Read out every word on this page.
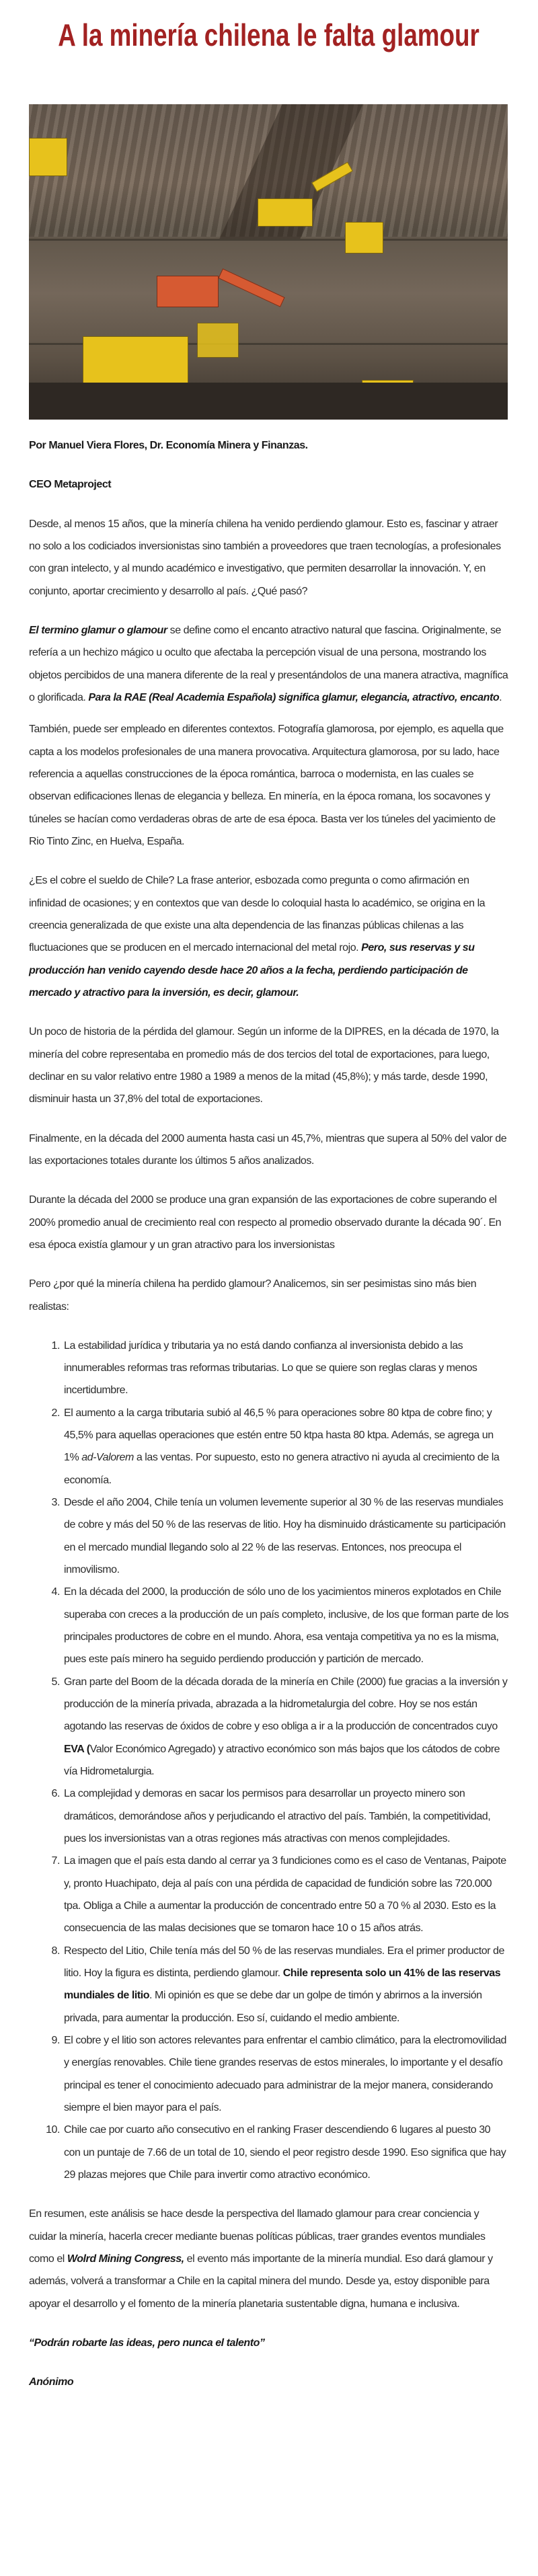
A la minería chilena le falta glamour

Por Manuel Viera Flores, Dr. Economía Minera y Finanzas.

CEO Metaproject

Desde, al menos 15 años, que la minería chilena ha venido perdiendo glamour. Esto es, fascinar y atraer no solo a los codiciados inversionistas sino también a proveedores que traen tecnologías, a profesionales con gran intelecto, y al mundo académico e investigativo, que permiten desarrollar la innovación. Y, en conjunto, aportar crecimiento y desarrollo al país. ¿Qué pasó?

El termino glamur o glamour se define como el encanto atractivo natural que fascina. Originalmente, se refería a un hechizo mágico u oculto que afectaba la percepción visual de una persona, mostrando los objetos percibidos de una manera diferente de la real y presentándolos de una manera atractiva, magnífica o glorificada. Para la RAE (Real Academia Española) significa glamur, elegancia, atractivo, encanto.

También, puede ser empleado en diferentes contextos. Fotografía glamorosa, por ejemplo, es aquella que capta a los modelos profesionales de una manera provocativa. Arquitectura glamorosa, por su lado, hace referencia a aquellas construcciones de la época romántica, barroca o modernista, en las cuales se observan edificaciones llenas de elegancia y belleza. En minería, en la época romana, los socavones y túneles se hacían como verdaderas obras de arte de esa época. Basta ver los túneles del yacimiento de Rio Tinto Zinc, en Huelva, España.

¿Es el cobre el sueldo de Chile? La frase anterior, esbozada como pregunta o como afirmación en infinidad de ocasiones; y en contextos que van desde lo coloquial hasta lo académico, se origina en la creencia generalizada de que existe una alta dependencia de las finanzas públicas chilenas a las fluctuaciones que se producen en el mercado internacional del metal rojo. Pero, sus reservas y su producción han venido cayendo desde hace 20 años a la fecha, perdiendo participación de mercado y atractivo para la inversión, es decir, glamour.

Un poco de historia de la pérdida del glamour. Según un informe de la DIPRES, en la década de 1970, la minería del cobre representaba en promedio más de dos tercios del total de exportaciones, para luego, declinar en su valor relativo entre 1980 a 1989 a menos de la mitad (45,8%); y más tarde, desde 1990, disminuir hasta un 37,8% del total de exportaciones.

Finalmente, en la década del 2000 aumenta hasta casi un 45,7%, mientras que supera al 50% del valor de las exportaciones totales durante los últimos 5 años analizados.

Durante la década del 2000 se produce una gran expansión de las exportaciones de cobre superando el 200% promedio anual de crecimiento real con respecto al promedio observado durante la década 90´. En esa época existía glamour y un gran atractivo para los inversionistas

Pero ¿por qué la minería chilena ha perdido glamour? Analicemos, sin ser pesimistas sino más bien realistas:

1. La estabilidad jurídica y tributaria ya no está dando confianza al inversionista debido a las innumerables reformas tras reformas tributarias. Lo que se quiere son reglas claras y menos incertidumbre.
2. El aumento a la carga tributaria subió al 46,5 % para operaciones sobre 80 ktpa de cobre fino; y 45,5% para aquellas operaciones que estén entre 50 ktpa hasta 80 ktpa. Además, se agrega un 1% ad-Valorem a las ventas. Por supuesto, esto no genera atractivo ni ayuda al crecimiento de la economía.
3. Desde el año 2004, Chile tenía un volumen levemente superior al 30 % de las reservas mundiales de cobre y más del 50 % de las reservas de litio. Hoy ha disminuido drásticamente su participación en el mercado mundial llegando solo al 22 % de las reservas. Entonces, nos preocupa el inmovilismo.
4. En la década del 2000, la producción de sólo uno de los yacimientos mineros explotados en Chile superaba con creces a la producción de un país completo, inclusive, de los que forman parte de los principales productores de cobre en el mundo. Ahora, esa ventaja competitiva ya no es la misma, pues este país minero ha seguido perdiendo producción y partición de mercado.
5. Gran parte del Boom de la década dorada de la minería en Chile (2000) fue gracias a la inversión y producción de la minería privada, abrazada a la hidrometalurgia del cobre. Hoy se nos están agotando las reservas de óxidos de cobre y eso obliga a ir a la producción de concentrados cuyo EVA (Valor Económico Agregado) y atractivo económico son más bajos que los cátodos de cobre vía Hidrometalurgia.
6. La complejidad y demoras en sacar los permisos para desarrollar un proyecto minero son dramáticos, demorándose años y perjudicando el atractivo del país. También, la competitividad, pues los inversionistas van a otras regiones más atractivas con menos complejidades.
7. La imagen que el país esta dando al cerrar ya 3 fundiciones como es el caso de Ventanas, Paipote y, pronto Huachipato, deja al país con una pérdida de capacidad de fundición sobre las 720.000 tpa. Obliga a Chile a aumentar la producción de concentrado entre 50 a 70 % al 2030. Esto es la consecuencia de las malas decisiones que se tomaron hace 10 o 15 años atrás.
8. Respecto del Litio, Chile tenía más del 50 % de las reservas mundiales. Era el primer productor de litio. Hoy la figura es distinta, perdiendo glamour. Chile representa solo un 41% de las reservas mundiales de litio. Mi opinión es que se debe dar un golpe de timón y abrirnos a la inversión privada, para aumentar la producción. Eso sí, cuidando el medio ambiente.
9. El cobre y el litio son actores relevantes para enfrentar el cambio climático, para la electromovilidad y energías renovables. Chile tiene grandes reservas de estos minerales, lo importante y el desafío principal es tener el conocimiento adecuado para administrar de la mejor manera, considerando siempre el bien mayor para el país.
10. Chile cae por cuarto año consecutivo en el ranking Fraser descendiendo 6 lugares al puesto 30 con un puntaje de 7.66 de un total de 10, siendo el peor registro desde 1990. Eso significa que hay 29 plazas mejores que Chile para invertir como atractivo económico.

En resumen, este análisis se hace desde la perspectiva del llamado glamour para crear conciencia y cuidar la minería, hacerla crecer mediante buenas políticas públicas, traer grandes eventos mundiales como el Wolrd Mining Congress, el evento más importante de la minería mundial. Eso dará glamour y además, volverá a transformar a Chile en la capital minera del mundo. Desde ya, estoy disponible para apoyar el desarrollo y el fomento de la minería planetaria sustentable digna, humana e inclusiva.

“Podrán robarte las ideas, pero nunca el talento”

Anónimo
